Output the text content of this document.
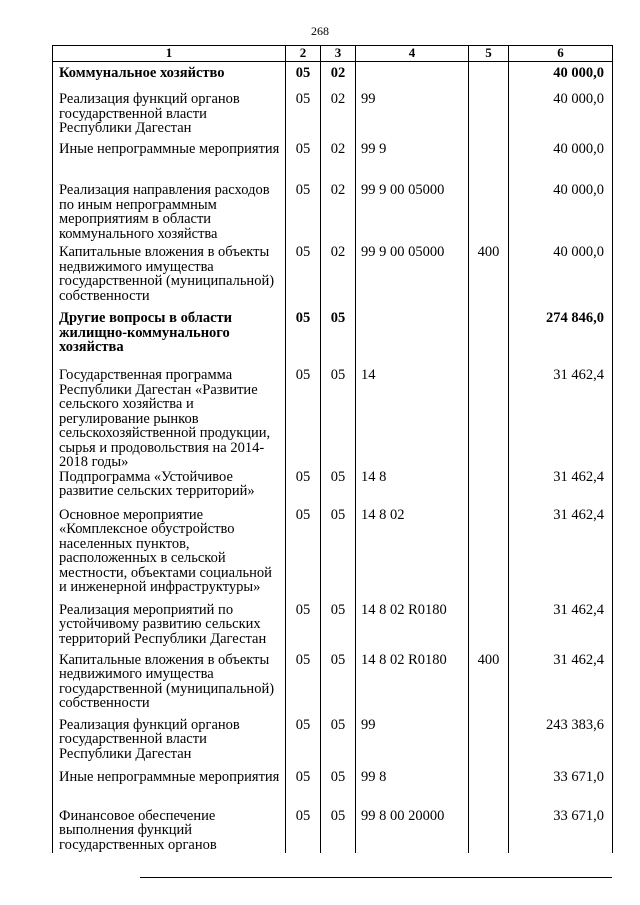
268
1	2	3	4	5	6
Коммунальное хозяйство	05	02			40 000,0
Реализация функций органов государственной власти Республики Дагестан	05	02	99		40 000,0
Иные непрограммные мероприятия	05	02	99 9		40 000,0
Реализация направления расходов по иным непрограммным мероприятиям в области коммунального хозяйства	05	02	99 9 00 05000		40 000,0
Капитальные вложения в объекты недвижимого имущества государственной (муниципальной) собственности	05	02	99 9 00 05000	400	40 000,0
Другие вопросы в области жилищно-коммунального хозяйства	05	05			274 846,0
Государственная программа Республики Дагестан «Развитие сельского хозяйства и регулирование рынков сельскохозяйственной продукции, сырья и продовольствия на 2014-2018 годы»	05	05	14		31 462,4
Подпрограмма «Устойчивое развитие сельских территорий»	05	05	14 8		31 462,4
Основное мероприятие «Комплексное обустройство населенных пунктов, расположенных в сельской местности, объектами социальной и инженерной инфраструктуры»	05	05	14 8 02		31 462,4
Реализация мероприятий по устойчивому развитию сельских территорий Республики Дагестан	05	05	14 8 02 R0180		31 462,4
Капитальные вложения в объекты недвижимого имущества государственной (муниципальной) собственности	05	05	14 8 02 R0180	400	31 462,4
Реализация функций органов государственной власти Республики Дагестан	05	05	99		243 383,6
Иные непрограммные мероприятия	05	05	99 8		33 671,0
Финансовое обеспечение выполнения функций государственных органов	05	05	99 8 00 20000		33 671,0
